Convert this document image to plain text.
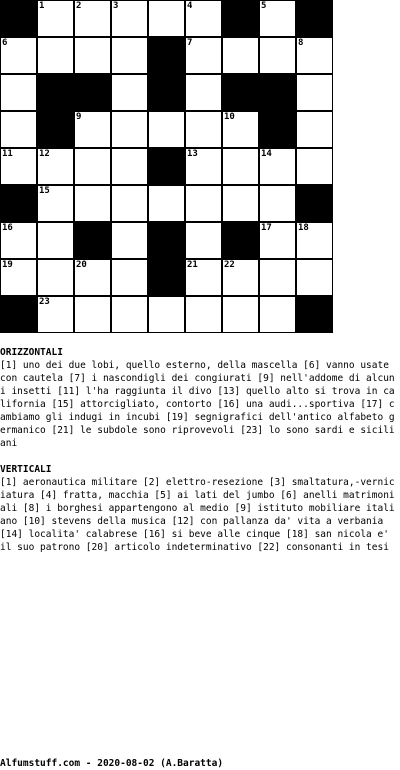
1	2	3	4	5
6	7	8
9	10
11	12	13	14
15
16	17	18
19	20	21	22
23

ORIZZONTALI

[1] uno dei due lobi, quello esterno, della mascella [6] vanno usate con cautela [7] i nascondigli dei congiurati [9] nell'addome di alcuni insetti [11] l'ha raggiunta il divo [13] quello alto si trova in california [15] attorcigliato, contorto [16] una audi...sportiva [17] cambiamo gli indugi in incubi [19] segnigrafici dell'antico alfabeto germanico [21] le subdole sono riprovevoli [23] lo sono sardi e siciliani

VERTICALI

[1] aeronautica militare [2] elettro-resezione [3] smaltatura,-verniciatura [4] fratta, macchia [5] ai lati del jumbo [6] anelli matrimoniali [8] i borghesi appartengono al medio [9] istituto mobiliare italiano [10] stevens della musica [12] con pallanza da' vita a verbania [14] localita' calabrese [16] si beve alle cinque [18] san nicola e' il suo patrono [20] articolo indeterminativo [22] consonanti in tesi

Alfumstuff.com - 2020-08-02 (A.Baratta)
